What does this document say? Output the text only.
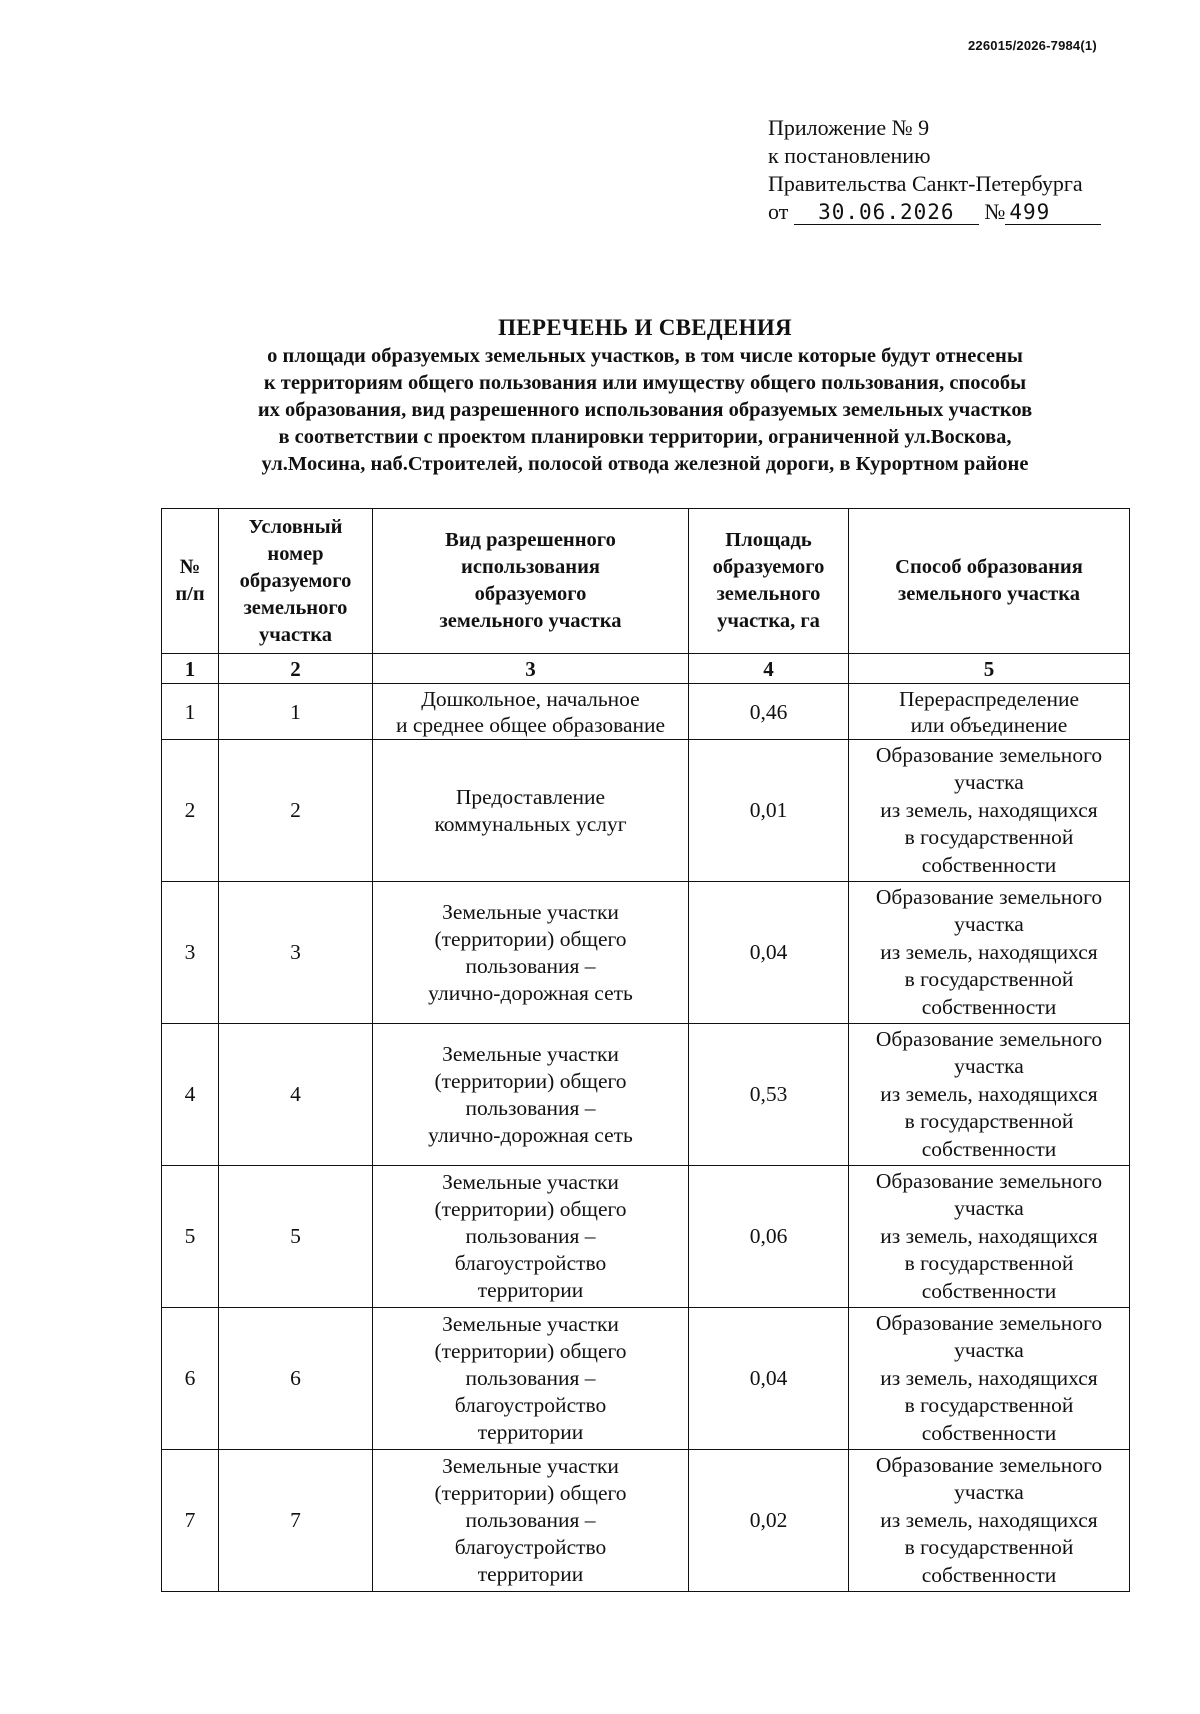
226015/2026-7984(1)
Приложение № 9
к постановлению
Правительства Санкт-Петербурга
от 30.06.2026 № 499
ПЕРЕЧЕНЬ И СВЕДЕНИЯ
о площади образуемых земельных участков, в том числе которые будут отнесены
к территориям общего пользования или имуществу общего пользования, способы
их образования, вид разрешенного использования образуемых земельных участков
в соответствии с проектом планировки территории, ограниченной ул.Воскова,
ул.Мосина, наб.Строителей, полосой отвода железной дороги, в Курортном районе
№
п/п	Условный
номер
образуемого
земельного
участка	Вид разрешенного
использования
образуемого
земельного участка	Площадь
образуемого
земельного
участка, га	Способ образования
земельного участка
1	2	3	4	5
1	1	Дошкольное, начальное
и среднее общее образование	0,46	Перераспределение
или объединение
2	2	Предоставление
коммунальных услуг	0,01	Образование земельного
участка
из земель, находящихся
в государственной
собственности
3	3	Земельные участки
(территории) общего
пользования –
улично-дорожная сеть	0,04	Образование земельного
участка
из земель, находящихся
в государственной
собственности
4	4	Земельные участки
(территории) общего
пользования –
улично-дорожная сеть	0,53	Образование земельного
участка
из земель, находящихся
в государственной
собственности
5	5	Земельные участки
(территории) общего
пользования –
благоустройство
территории	0,06	Образование земельного
участка
из земель, находящихся
в государственной
собственности
6	6	Земельные участки
(территории) общего
пользования –
благоустройство
территории	0,04	Образование земельного
участка
из земель, находящихся
в государственной
собственности
7	7	Земельные участки
(территории) общего
пользования –
благоустройство
территории	0,02	Образование земельного
участка
из земель, находящихся
в государственной
собственности
